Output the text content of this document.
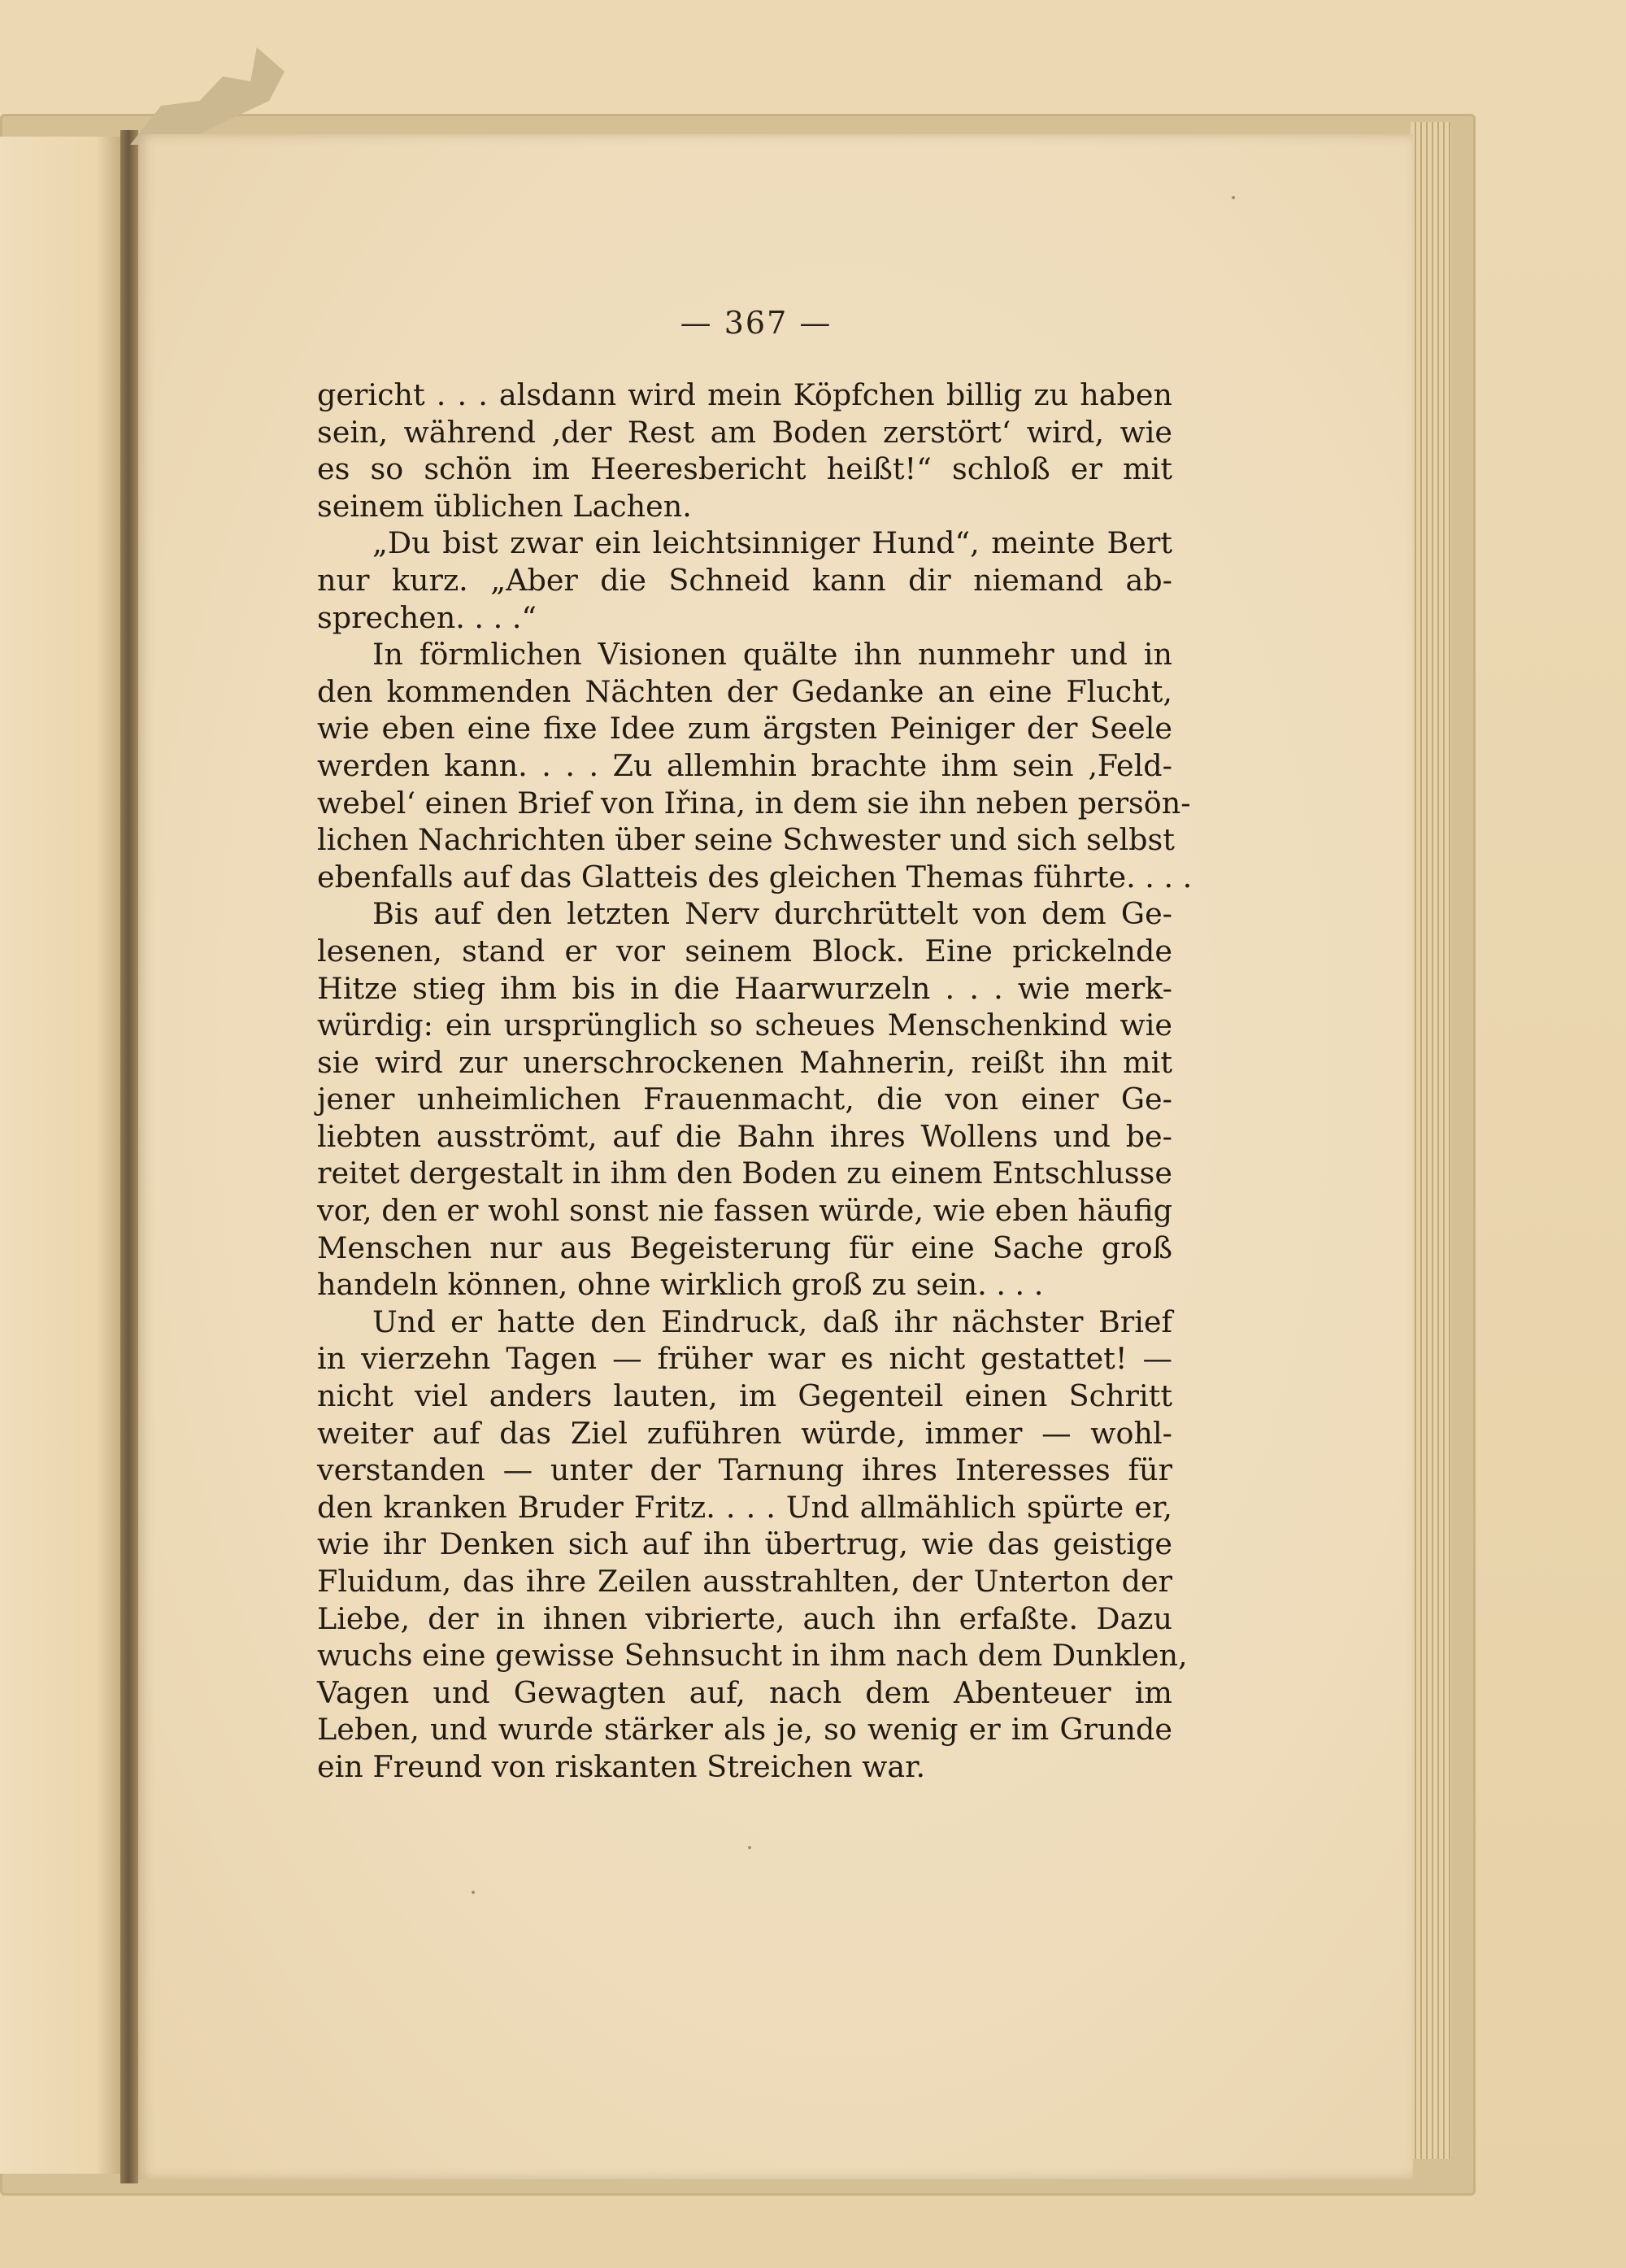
— 367 —
gericht . . . alsdann wird mein Köpfchen billig zu haben
sein, während ‚der Rest am Boden zerstört‘ wird, wie
es so schön im Heeresbericht heißt!“ schloß er mit
seinem üblichen Lachen.
„Du bist zwar ein leichtsinniger Hund“, meinte Bert
nur kurz. „Aber die Schneid kann dir niemand ab-
sprechen. . . .“
In förmlichen Visionen quälte ihn nunmehr und in
den kommenden Nächten der Gedanke an eine Flucht,
wie eben eine fixe Idee zum ärgsten Peiniger der Seele
werden kann. . . . Zu allemhin brachte ihm sein ‚Feld-
webel‘ einen Brief von Iřina, in dem sie ihn neben persön-
lichen Nachrichten über seine Schwester und sich selbst
ebenfalls auf das Glatteis des gleichen Themas führte. . . .
Bis auf den letzten Nerv durchrüttelt von dem Ge-
lesenen, stand er vor seinem Block. Eine prickelnde
Hitze stieg ihm bis in die Haarwurzeln . . . wie merk-
würdig: ein ursprünglich so scheues Menschenkind wie
sie wird zur unerschrockenen Mahnerin, reißt ihn mit
jener unheimlichen Frauenmacht, die von einer Ge-
liebten ausströmt, auf die Bahn ihres Wollens und be-
reitet dergestalt in ihm den Boden zu einem Entschlusse
vor, den er wohl sonst nie fassen würde, wie eben häufig
Menschen nur aus Begeisterung für eine Sache groß
handeln können, ohne wirklich groß zu sein. . . .
Und er hatte den Eindruck, daß ihr nächster Brief
in vierzehn Tagen — früher war es nicht gestattet! —
nicht viel anders lauten, im Gegenteil einen Schritt
weiter auf das Ziel zuführen würde, immer — wohl-
verstanden — unter der Tarnung ihres Interesses für
den kranken Bruder Fritz. . . . Und allmählich spürte er,
wie ihr Denken sich auf ihn übertrug, wie das geistige
Fluidum, das ihre Zeilen ausstrahlten, der Unterton der
Liebe, der in ihnen vibrierte, auch ihn erfaßte. Dazu
wuchs eine gewisse Sehnsucht in ihm nach dem Dunklen,
Vagen und Gewagten auf, nach dem Abenteuer im
Leben, und wurde stärker als je, so wenig er im Grunde
ein Freund von riskanten Streichen war.
